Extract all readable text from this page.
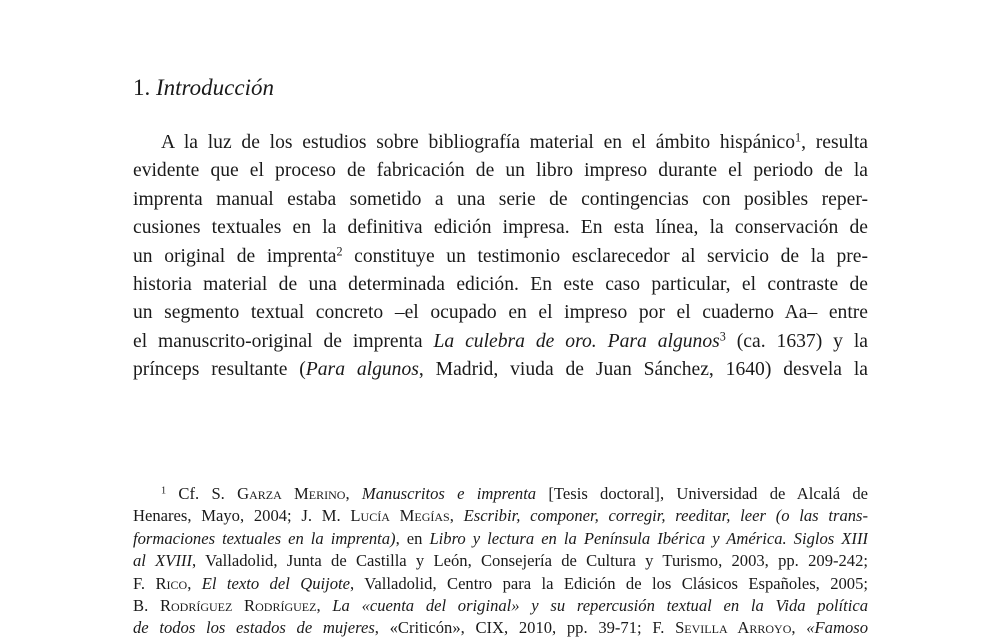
1. Introducción
A la luz de los estudios sobre bibliografía material en el ámbito hispánico$^1$, resulta
evidente que el proceso de fabricación de un libro impreso durante el periodo de la
imprenta manual estaba sometido a una serie de contingencias con posibles reper-
cusiones textuales en la definitiva edición impresa. En esta línea, la conservación de
un original de imprenta$^2$ constituye un testimonio esclarecedor al servicio de la pre-
historia material de una determinada edición. En este caso particular, el contraste de
un segmento textual concreto –el ocupado en el impreso por el cuaderno Aa– entre
el manuscrito-original de imprenta La culebra de oro. Para algunos$^3$ (ca. 1637) y la
prínceps resultante (Para algunos, Madrid, viuda de Juan Sánchez, 1640) desvela la
$^1$ Cf. S. Garza Merino, Manuscritos e imprenta [Tesis doctoral], Universidad de Alcalá de
Henares, Mayo, 2004; J. M. Lucía Megías, Escribir, componer, corregir, reeditar, leer (o las trans-
formaciones textuales en la imprenta), en Libro y lectura en la Península Ibérica y América. Siglos XIII
al XVIII, Valladolid, Junta de Castilla y León, Consejería de Cultura y Turismo, 2003, pp. 209-242;
F. Rico, El texto del Quijote, Valladolid, Centro para la Edición de los Clásicos Españoles, 2005;
B. Rodríguez Rodríguez, La «cuenta del original» y su repercusión textual en la Vida política
de todos los estados de mujeres, «Criticón», CIX, 2010, pp. 39-71; F. Sevilla Arroyo, «Famoso
